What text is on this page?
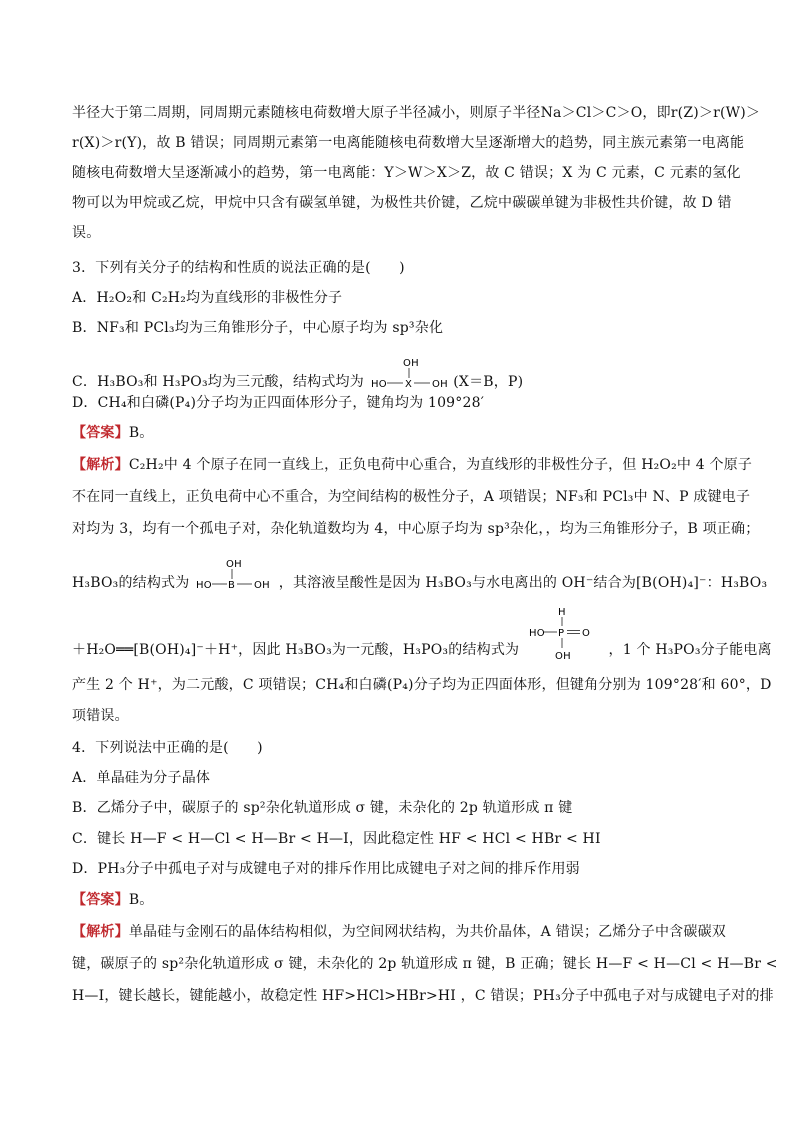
半径大于第二周期，同周期元素随核电荷数增大原子半径减小，则原子半径Na＞Cl＞C＞O，即r(Z)＞r(W)＞
r(X)＞r(Y)，故 B 错误；同周期元素第一电离能随核电荷数增大呈逐渐增大的趋势，同主族元素第一电离能
随核电荷数增大呈逐渐减小的趋势，第一电离能：Y＞W＞X＞Z，故 C 错误；X 为 C 元素，C 元素的氢化
物可以为甲烷或乙烷，甲烷中只含有碳氢单键，为极性共价键，乙烷中碳碳单键为非极性共价键，故 D 错
误。
3．下列有关分子的结构和性质的说法正确的是(　　)
A．H₂O₂和 C₂H₂均为直线形的非极性分子
B．NF₃和 PCl₃均为三角锥形分子，中心原子均为 sp³杂化
C．H₃BO₃和 H₃PO₃均为三元酸，结构式均为
OH
HO X OH (X＝B，P)
D．CH₄和白磷(P₄)分子均为正四面体形分子，键角均为 109°28′
【答案】B。
【解析】C₂H₂中 4 个原子在同一直线上，正负电荷中心重合，为直线形的非极性分子，但 H₂O₂中 4 个原子
不在同一直线上，正负电荷中心不重合，为空间结构的极性分子，A 项错误；NF₃和 PCl₃中 N、P 成键电子
对均为 3，均有一个孤电子对，杂化轨道数均为 4，中心原子均为 sp³杂化，，均为三角锥形分子，B 项正确；
H₃BO₃的结构式为
OH
HO B OH ，其溶液呈酸性是因为 H₃BO₃与水电离出的 OH⁻结合为[B(OH)₄]⁻：H₃BO₃
＋H₂O══[B(OH)₄]⁻＋H⁺，因此 H₃BO₃为一元酸，H₃PO₃的结构式为
H
HO P O
OH	，1 个 H₃PO₃分子能电离
产生 2 个 H⁺，为二元酸，C 项错误；CH₄和白磷(P₄)分子均为正四面体形，但键角分别为 109°28′和 60°，D
项错误。
4．下列说法中正确的是(　　)
A．单晶硅为分子晶体
B．乙烯分子中，碳原子的 sp²杂化轨道形成 σ 键，未杂化的 2p 轨道形成 π 键
C．键长 H—F < H—Cl < H—Br < H—I，因此稳定性 HF < HCl < HBr < HI
D．PH₃分子中孤电子对与成键电子对的排斥作用比成键电子对之间的排斥作用弱
【答案】B。
【解析】单晶硅与金刚石的晶体结构相似，为空间网状结构，为共价晶体，A 错误；乙烯分子中含碳碳双
键，碳原子的 sp²杂化轨道形成 σ 键，未杂化的 2p 轨道形成 π 键，B 正确；键长 H—F < H—Cl < H—Br <
H—I，键长越长，键能越小，故稳定性 HF>HCl>HBr>HI ，C 错误；PH₃分子中孤电子对与成键电子对的排
